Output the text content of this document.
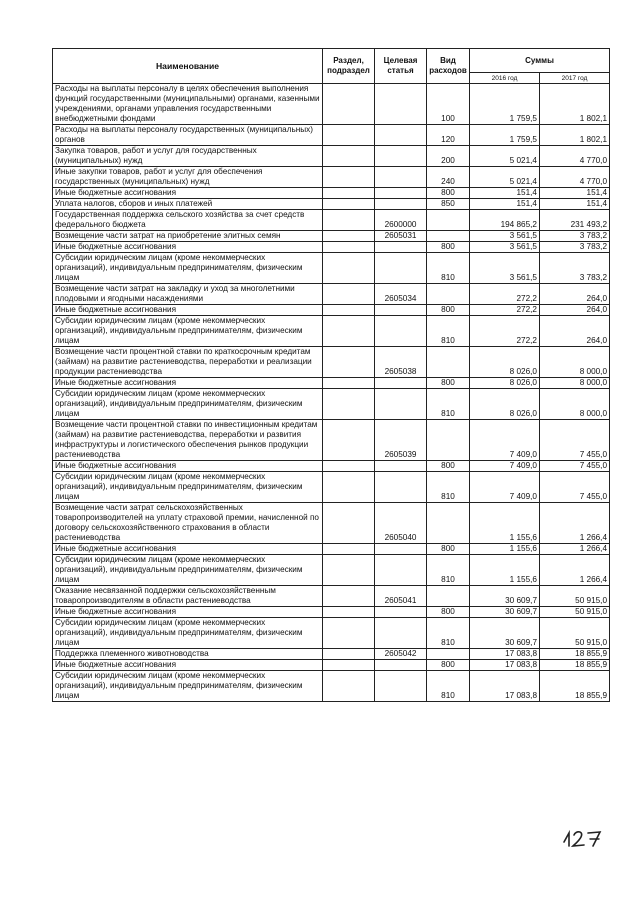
Наименование	Раздел, подраздел	Целевая статья	Вид расходов	Суммы	
				2016 год	2017 год
Расходы на выплаты персоналу в целях обеспечения выполнения функций государственными (муниципальными) органами, казенными учреждениями, органами управления государственными внебюджетными фондами			100	1 759,5	1 802,1
Расходы на выплаты персоналу государственных (муниципальных) органов			120	1 759,5	1 802,1
Закупка товаров, работ и услуг для государственных (муниципальных) нужд			200	5 021,4	4 770,0
Иные закупки товаров, работ и услуг для обеспечения государственных (муниципальных) нужд			240	5 021,4	4 770,0
Иные бюджетные ассигнования			800	151,4	151,4
Уплата налогов, сборов и иных платежей			850	151,4	151,4
Государственная поддержка сельского хозяйства за счет средств федерального бюджета		2600000		194 865,2	231 493,2
Возмещение части затрат на приобретение элитных семян		2605031		3 561,5	3 783,2
Иные бюджетные ассигнования			800	3 561,5	3 783,2
Субсидии юридическим лицам (кроме некоммерческих организаций), индивидуальным предпринимателям, физическим лицам			810	3 561,5	3 783,2
Возмещение части затрат на закладку и уход за многолетними плодовыми и ягодными насаждениями		2605034		272,2	264,0
Иные бюджетные ассигнования			800	272,2	264,0
Субсидии юридическим лицам (кроме некоммерческих организаций), индивидуальным предпринимателям, физическим лицам			810	272,2	264,0
Возмещение части процентной ставки по краткосрочным кредитам (займам) на развитие растениеводства, переработки и реализации продукции растениеводства		2605038		8 026,0	8 000,0
Иные бюджетные ассигнования			800	8 026,0	8 000,0
Субсидии юридическим лицам (кроме некоммерческих организаций), индивидуальным предпринимателям, физическим лицам			810	8 026,0	8 000,0
Возмещение части процентной ставки по инвестиционным кредитам (займам) на развитие растениеводства, переработки и развития инфраструктуры и логистического обеспечения рынков продукции растениеводства		2605039		7 409,0	7 455,0
Иные бюджетные ассигнования			800	7 409,0	7 455,0
Субсидии юридическим лицам (кроме некоммерческих организаций), индивидуальным предпринимателям, физическим лицам			810	7 409,0	7 455,0
Возмещение части затрат сельскохозяйственных товаропроизводителей на уплату страховой премии, начисленной по договору сельскохозяйственного страхования в области растениеводства		2605040		1 155,6	1 266,4
Иные бюджетные ассигнования			800	1 155,6	1 266,4
Субсидии юридическим лицам (кроме некоммерческих организаций), индивидуальным предпринимателям, физическим лицам			810	1 155,6	1 266,4
Оказание несвязанной поддержки сельскохозяйственным товаропроизводителям в области растениеводства		2605041		30 609,7	50 915,0
Иные бюджетные ассигнования			800	30 609,7	50 915,0
Субсидии юридическим лицам (кроме некоммерческих организаций), индивидуальным предпринимателям, физическим лицам			810	30 609,7	50 915,0
Поддержка племенного животноводства		2605042		17 083,8	18 855,9
Иные бюджетные ассигнования			800	17 083,8	18 855,9
Субсидии юридическим лицам (кроме некоммерческих организаций), индивидуальным предпринимателям, физическим лицам			810	17 083,8	18 855,9
